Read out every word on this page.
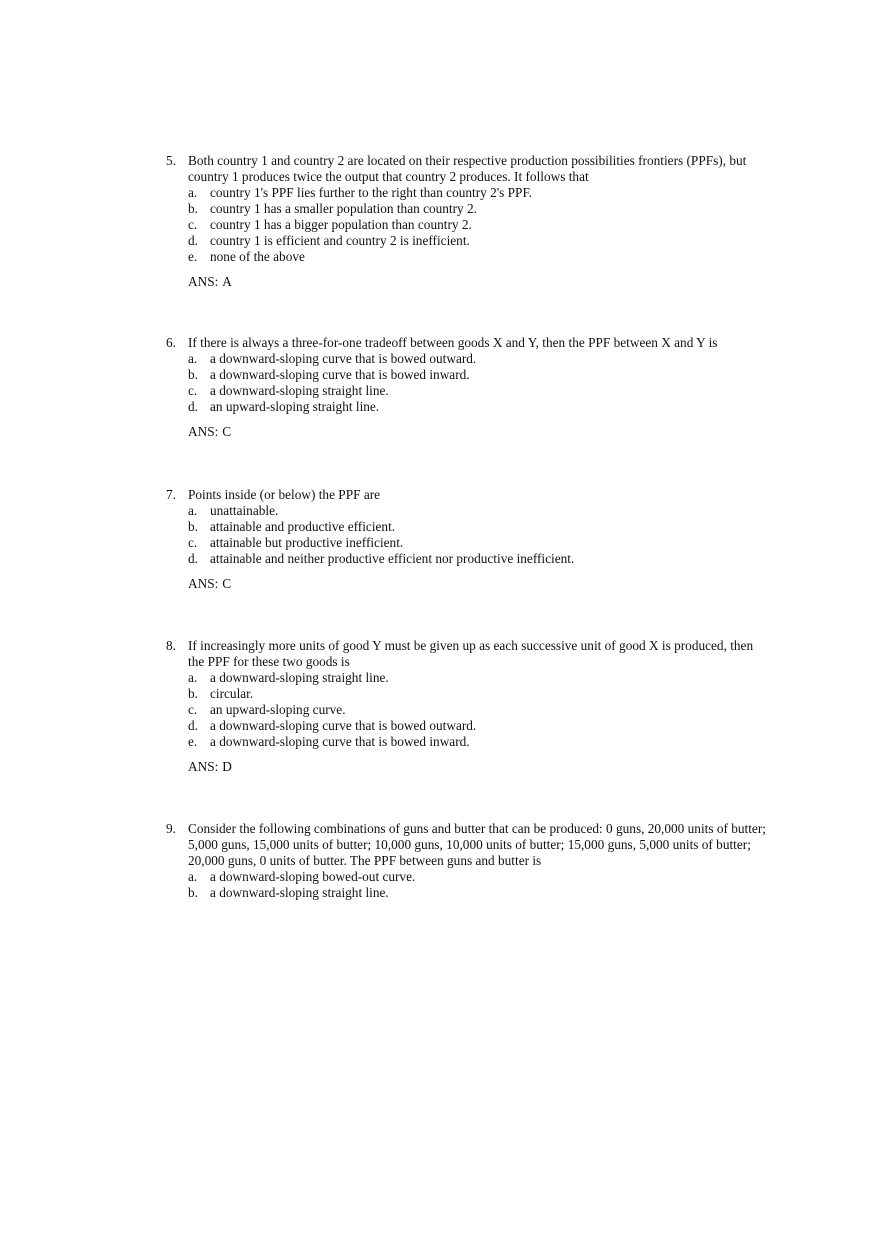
5. Both country 1 and country 2 are located on their respective production possibilities frontiers (PPFs), but country 1 produces twice the output that country 2 produces. It follows that
a. country 1's PPF lies further to the right than country 2's PPF.
b. country 1 has a smaller population than country 2.
c. country 1 has a bigger population than country 2.
d. country 1 is efficient and country 2 is inefficient.
e. none of the above
ANS: A
6. If there is always a three-for-one tradeoff between goods X and Y, then the PPF between X and Y is
a. a downward-sloping curve that is bowed outward.
b. a downward-sloping curve that is bowed inward.
c. a downward-sloping straight line.
d. an upward-sloping straight line.
ANS: C
7. Points inside (or below) the PPF are
a. unattainable.
b. attainable and productive efficient.
c. attainable but productive inefficient.
d. attainable and neither productive efficient nor productive inefficient.
ANS: C
8. If increasingly more units of good Y must be given up as each successive unit of good X is produced, then the PPF for these two goods is
a. a downward-sloping straight line.
b. circular.
c. an upward-sloping curve.
d. a downward-sloping curve that is bowed outward.
e. a downward-sloping curve that is bowed inward.
ANS: D
9. Consider the following combinations of guns and butter that can be produced: 0 guns, 20,000 units of butter; 5,000 guns, 15,000 units of butter; 10,000 guns, 10,000 units of butter; 15,000 guns, 5,000 units of butter; 20,000 guns, 0 units of butter. The PPF between guns and butter is
a. a downward-sloping bowed-out curve.
b. a downward-sloping straight line.
